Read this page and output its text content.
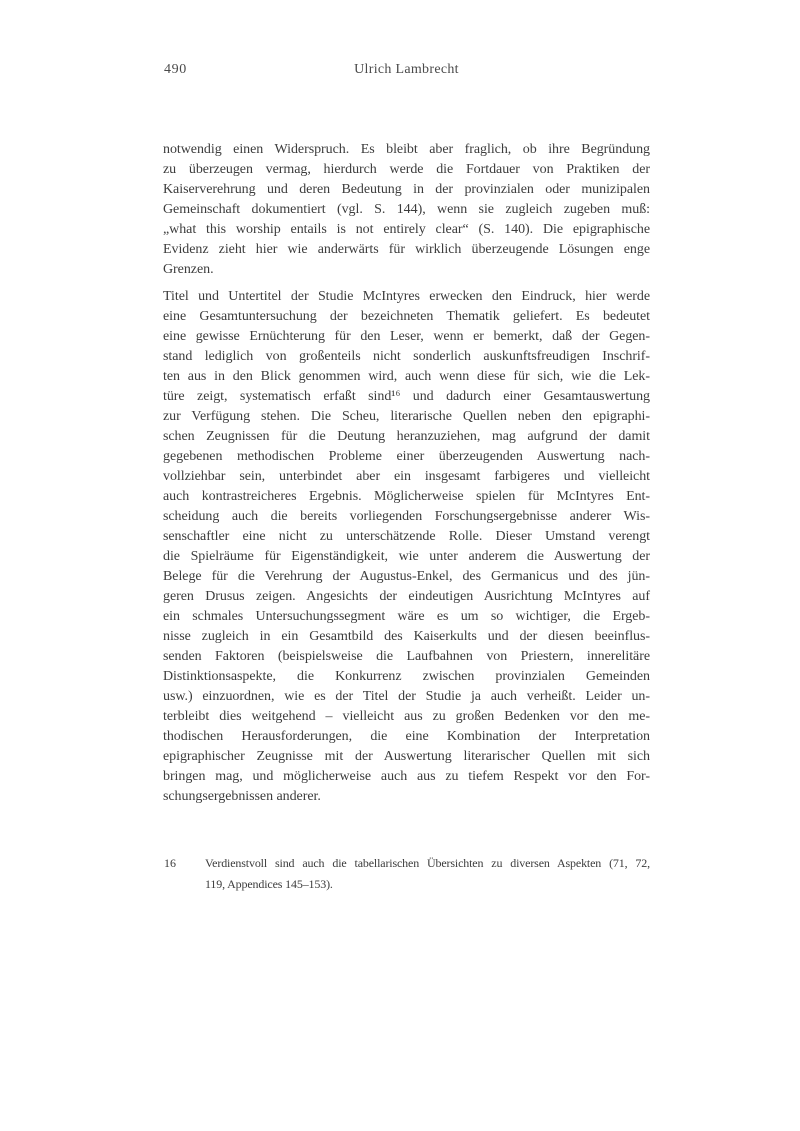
490	Ulrich Lambrecht

notwendig einen Widerspruch. Es bleibt aber fraglich, ob ihre Begründung
zu überzeugen vermag, hierdurch werde die Fortdauer von Praktiken der
Kaiserverehrung und deren Bedeutung in der provinzialen oder munizipalen
Gemeinschaft dokumentiert (vgl. S. 144), wenn sie zugleich zugeben muß:
„what this worship entails is not entirely clear“ (S. 140). Die epigraphische
Evidenz zieht hier wie anderwärts für wirklich überzeugende Lösungen enge
Grenzen.

Titel und Untertitel der Studie McIntyres erwecken den Eindruck, hier werde
eine Gesamtuntersuchung der bezeichneten Thematik geliefert. Es bedeutet
eine gewisse Ernüchterung für den Leser, wenn er bemerkt, daß der Gegen-
stand lediglich von großenteils nicht sonderlich auskunftsfreudigen Inschrif-
ten aus in den Blick genommen wird, auch wenn diese für sich, wie die Lek-
türe zeigt, systematisch erfaßt sind¹⁶ und dadurch einer Gesamtauswertung
zur Verfügung stehen. Die Scheu, literarische Quellen neben den epigraphi-
schen Zeugnissen für die Deutung heranzuziehen, mag aufgrund der damit
gegebenen methodischen Probleme einer überzeugenden Auswertung nach-
vollziehbar sein, unterbindet aber ein insgesamt farbigeres und vielleicht
auch kontrastreicheres Ergebnis. Möglicherweise spielen für McIntyres Ent-
scheidung auch die bereits vorliegenden Forschungsergebnisse anderer Wis-
senschaftler eine nicht zu unterschätzende Rolle. Dieser Umstand verengt
die Spielräume für Eigenständigkeit, wie unter anderem die Auswertung der
Belege für die Verehrung der Augustus-Enkel, des Germanicus und des jün-
geren Drusus zeigen. Angesichts der eindeutigen Ausrichtung McIntyres auf
ein schmales Untersuchungssegment wäre es um so wichtiger, die Ergeb-
nisse zugleich in ein Gesamtbild des Kaiserkults und der diesen beeinflus-
senden Faktoren (beispielsweise die Laufbahnen von Priestern, innerelitäre
Distinktionsaspekte, die Konkurrenz zwischen provinzialen Gemeinden
usw.) einzuordnen, wie es der Titel der Studie ja auch verheißt. Leider un-
terbleibt dies weitgehend – vielleicht aus zu großen Bedenken vor den me-
thodischen Herausforderungen, die eine Kombination der Interpretation
epigraphischer Zeugnisse mit der Auswertung literarischer Quellen mit sich
bringen mag, und möglicherweise auch aus zu tiefem Respekt vor den For-
schungsergebnissen anderer.

16 Verdienstvoll sind auch die tabellarischen Übersichten zu diversen Aspekten (71, 72,
119, Appendices 145–153).
